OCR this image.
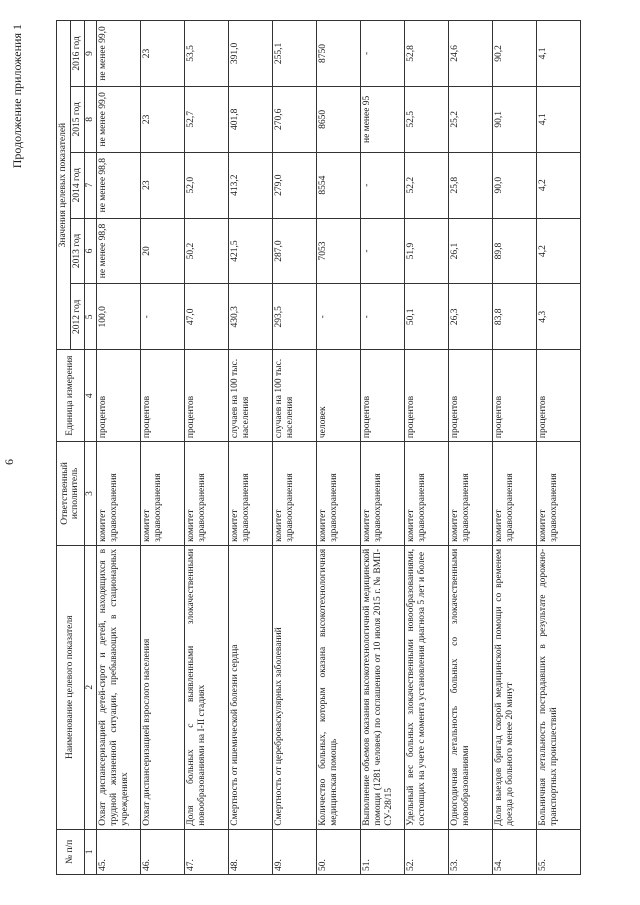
6
Продолжение приложения 1
№ п/п	Наименование целевого показателя	Ответственный исполнитель	Единица измерения	Значения целевых показателей				
				2012 год	2013 год	2014 год	2015 год	2016 год
1	2	3	4	5	6	7	8	9
45.	Охват диспансеризацией детей-сирот и детей, находящихся в трудной жизненной ситуации, пребывающих в стационарных учреждениях	комитет здравоохранения	процентов	100,0	не менее 98,8	не менее 98,8	не менее 99,0	не менее 99,0
46.	Охват диспансеризацией взрослого населения	комитет здравоохранения	процентов	-	20	23	23	23
47.	Доля больных с выявленными злокачественными новообразованиями на I-II стадиях	комитет здравоохранения	процентов	47,0	50,2	52,0	52,7	53,5
48.	Смертность от ишемической болезни сердца	комитет здравоохранения	случаев на 100 тыс. населения	430,3	421,5	413,2	401,8	391,0
49.	Смертность от цереброваскулярных заболеваний	комитет здравоохранения	случаев на 100 тыс. населения	293,5	287,0	279,0	270,6	255,1
50.	Количество больных, которым оказана высокотехнологичная медицинская помощь	комитет здравоохранения	человек	-	7053	8554	8650	8750
51.	Выполнение объемов оказания высокотехнологичной медицинской помощи (1281 человек) по соглашению от 10 июля 2015 г. № ВМП-СУ-28/15	комитет здравоохранения	процентов	-	-	-	не менее 95	-
52.	Удельный вес больных злокачественными новообразованиями, состоящих на учете с момента установления диагноза 5 лет и более	комитет здравоохранения	процентов	50,1	51,9	52,2	52,5	52,8
53.	Одногодичная летальность больных со злокачественными новообразованиями	комитет здравоохранения	процентов	26,3	26,1	25,8	25,2	24,6
54.	Доля выездов бригад скорой медицинской помощи со временем доезда до больного менее 20 минут	комитет здравоохранения	процентов	83,8	89,8	90,0	90,1	90,2
55.	Больничная летальность пострадавших в результате дорожно-транспортных происшествий	комитет здравоохранения	процентов	4,3	4,2	4,2	4,1	4,1
